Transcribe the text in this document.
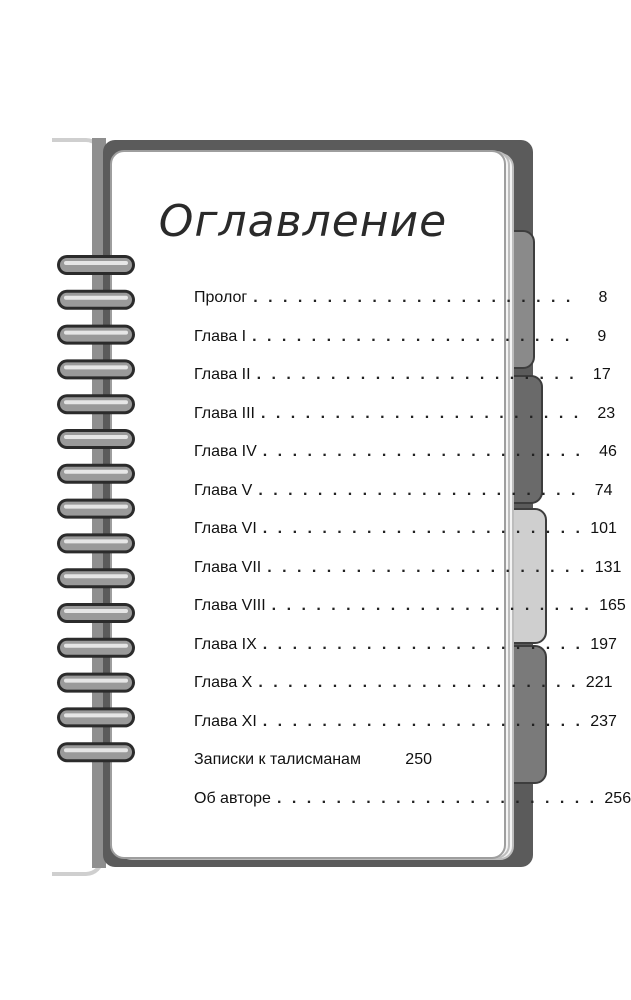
Оглавление
Пролог . . . . . . . . . . . . . . . . . . . . . .	8
Глава I . . . . . . . . . . . . . . . . . . . . . .	9
Глава II . . . . . . . . . . . . . . . . . . . . . .	17
Глава III . . . . . . . . . . . . . . . . . . . . . .	23
Глава IV . . . . . . . . . . . . . . . . . . . . . .	46
Глава V . . . . . . . . . . . . . . . . . . . . . .	74
Глава VI . . . . . . . . . . . . . . . . . . . . . . 101
Глава VII . . . . . . . . . . . . . . . . . . . . . . 131
Глава VIII . . . . . . . . . . . . . . . . . . . . . . 165
Глава IX . . . . . . . . . . . . . . . . . . . . . . 197
Глава X . . . . . . . . . . . . . . . . . . . . . . 221
Глава XI . . . . . . . . . . . . . . . . . . . . . . 237
Записки к талисманам	250
Об авторе . . . . . . . . . . . . . . . . . . . . . . 256
